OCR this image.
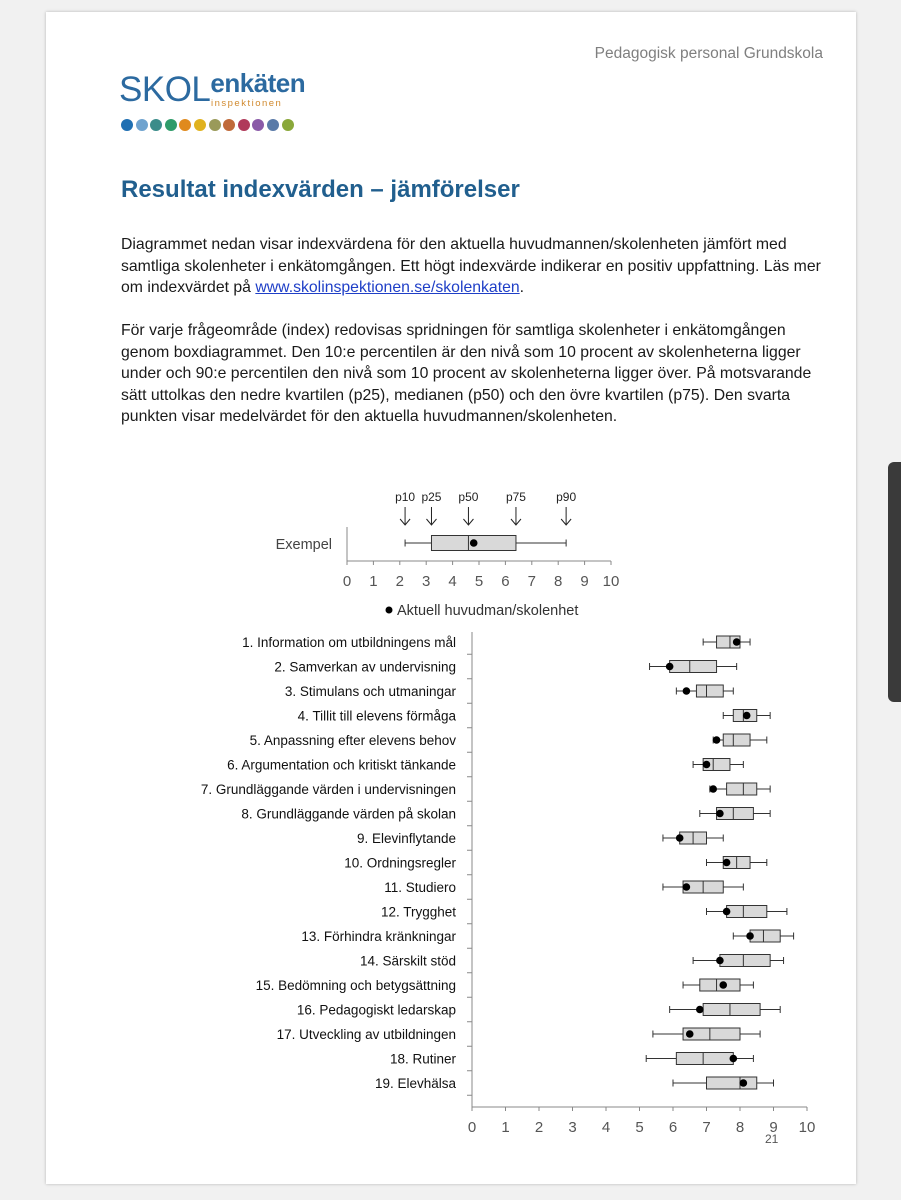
Pedagogisk personal Grundskola
$SKOL^{enkäten}$
inspektionen
Resultat indexvärden – jämförelser

Diagrammet nedan visar indexvärdena för den aktuella huvudmannen/skolenheten jämfört med samtliga skolenheter i enkätomgången. Ett högt indexvärde indikerar en positiv uppfattning. Läs mer om indexvärdet på www.skolinspektionen.se/skolenkaten.

För varje frågeområde (index) redovisas spridningen för samtliga skolenheter i enkätomgången genom boxdiagrammet. Den 10:e percentilen är den nivå som 10 procent av skolenheterna ligger under och 90:e percentilen den nivå som 10 procent av skolenheterna ligger över. På motsvarande sätt uttolkas den nedre kvartilen (p25), medianen (p50) och den övre kvartilen (p75). Den svarta punkten visar medelvärdet för den aktuella huvudmannen/skolenheten.

p10 p25 p50 p75	p90
Exempel
0 1 2 3 4 5 6 7 8 9 10
Aktuell huvudman/skolenhet
0 1 2 3 4 5 6 7 8 9 10
1. Information om utbildningens mål
2. Samverkan av undervisning
3. Stimulans och utmaningar
4. Tillit till elevens förmåga
5. Anpassning efter elevens behov
6. Argumentation och kritiskt tänkande
7. Grundläggande värden i undervisningen
8. Grundläggande värden på skolan
9. Elevinflytande
10. Ordningsregler
11. Studiero
12. Trygghet
13. Förhindra kränkningar
14. Särskilt stöd
15. Bedömning och betygsättning
16. Pedagogiskt ledarskap
17. Utveckling av utbildningen
18. Rutiner
19. Elevhälsa
21
